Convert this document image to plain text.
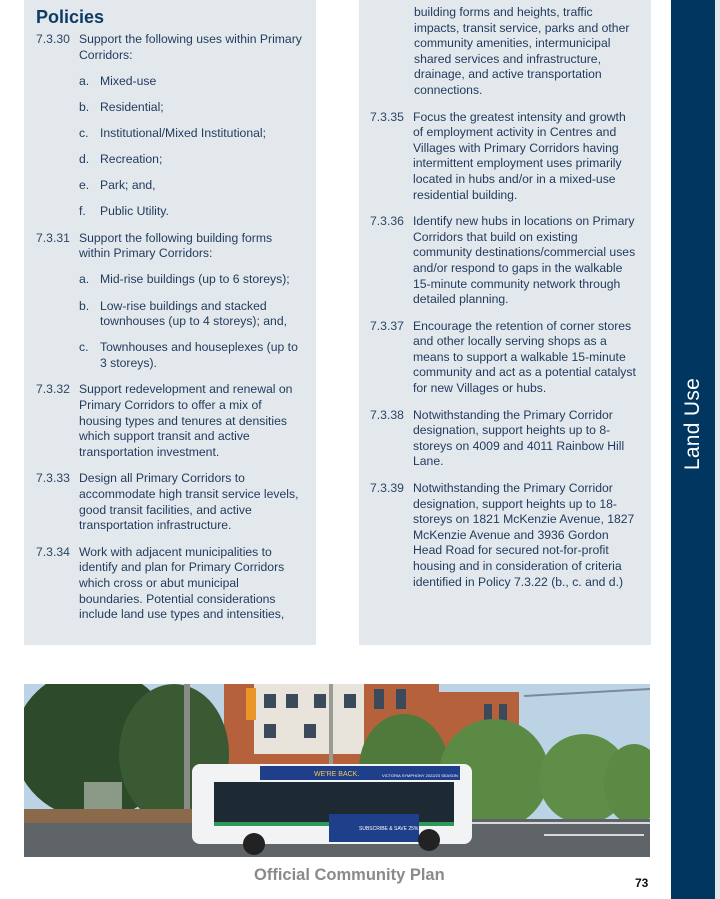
Policies
7.3.30 Support the following uses within Primary Corridors:
a. Mixed-use
b. Residential;
c. Institutional/Mixed Institutional;
d. Recreation;
e. Park; and,
f.	Public Utility.
7.3.31 Support the following building forms within Primary Corridors:
a. Mid-rise buildings (up to 6 storeys);
b. Low-rise buildings and stacked townhouses (up to 4 storeys); and,
c. Townhouses and houseplexes (up to 3 storeys).
7.3.32 Support redevelopment and renewal on Primary Corridors to offer a mix of housing types and tenures at densities which support transit and active transportation investment.
7.3.33 Design all Primary Corridors to accommodate high transit service levels, good transit facilities, and active transportation infrastructure.
7.3.34 Work with adjacent municipalities to identify and plan for Primary Corridors which cross or abut municipal boundaries. Potential considerations include land use types and intensities,
building forms and heights, traffic impacts, transit service, parks and other community amenities, intermunicipal shared services and infrastructure, drainage, and active transportation connections.
7.3.35 Focus the greatest intensity and growth of employment activity in Centres and Villages with Primary Corridors having intermittent employment uses primarily located in hubs and/or in a mixed-use residential building.
7.3.36 Identify new hubs in locations on Primary Corridors that build on existing community destinations/commercial uses and/or respond to gaps in the walkable 15-minute community network through detailed planning.
7.3.37 Encourage the retention of corner stores and other locally serving shops as a means to support a walkable 15-minute community and act as a potential catalyst for new Villages or hubs.
7.3.38 Notwithstanding the Primary Corridor designation, support heights up to 8-storeys on 4009 and 4011 Rainbow Hill Lane.
7.3.39 Notwithstanding the Primary Corridor designation, support heights up to 18-storeys on 1821 McKenzie Avenue, 1827 McKenzie Avenue and 3936 Gordon Head Road for secured not-for-profit housing and in consideration of criteria identified in Policy 7.3.22 (b., c. and d.)
Land Use
WE'RE BACK.	VICTORIA SYMPHONY 2022/23 SEASON
SUBSCRIBE & SAVE 25%
Official Community Plan	73
